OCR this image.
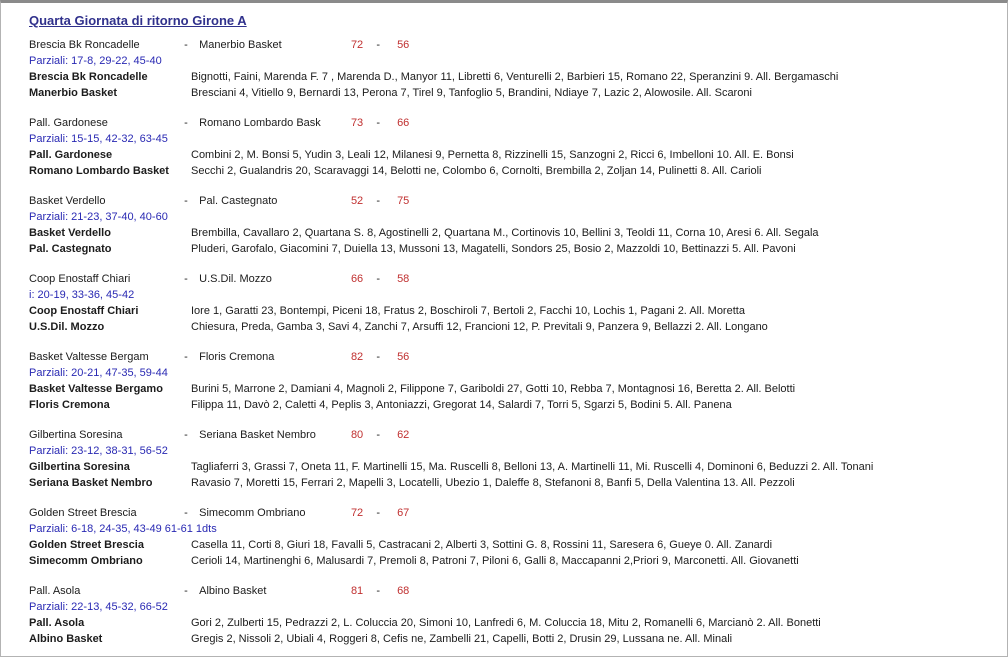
Quarta Giornata di ritorno Girone A
Brescia Bk Roncadelle	- Manerbio Basket	72 - 56
Parziali: 17-8, 29-22, 45-40
Brescia Bk Roncadelle	Bignotti, Faini, Marenda F. 7 , Marenda D., Manyor 11, Libretti 6, Venturelli 2, Barbieri 15, Romano 22, Speranzini 9. All. Bergamaschi
Manerbio Basket	Bresciani 4, Vitiello 9, Bernardi 13, Perona 7, Tirel 9, Tanfoglio 5, Brandini, Ndiaye 7, Lazic 2, Alowosile. All. Scaroni
Pall. Gardonese	- Romano Lombardo Bask	73 - 66
Parziali: 15-15, 42-32, 63-45
Pall. Gardonese	Combini 2, M. Bonsi 5, Yudin 3, Leali 12, Milanesi 9, Pernetta 8, Rizzinelli 15, Sanzogni 2, Ricci 6, Imbelloni 10. All. E. Bonsi
Romano Lombardo Basket	Secchi 2, Gualandris 20, Scaravaggi 14, Belotti ne, Colombo 6, Cornolti, Brembilla 2, Zoljan 14, Pulinetti 8. All. Carioli
Basket Verdello	- Pal. Castegnato	52 - 75
Parziali: 21-23, 37-40, 40-60
Basket Verdello	Brembilla, Cavallaro 2, Quartana S. 8, Agostinelli 2, Quartana M., Cortinovis 10, Bellini 3, Teoldi 11, Corna 10, Aresi 6. All. Segala
Pal. Castegnato	Pluderi, Garofalo, Giacomini 7, Duiella 13, Mussoni 13, Magatelli, Sondors 25, Bosio 2, Mazzoldi 10, Bettinazzi 5. All. Pavoni
Coop Enostaff Chiari	- U.S.Dil. Mozzo	66 - 58
i: 20-19, 33-36, 45-42
Coop Enostaff Chiari	Iore 1, Garatti 23, Bontempi, Piceni 18, Fratus 2, Boschiroli 7, Bertoli 2, Facchi 10, Lochis 1, Pagani 2. All. Moretta
U.S.Dil. Mozzo	Chiesura, Preda, Gamba 3, Savi 4, Zanchi 7, Arsuffi 12, Francioni 12, P. Previtali 9, Panzera 9, Bellazzi 2. All. Longano
Basket Valtesse Bergam	- Floris Cremona	82 - 56
Parziali: 20-21, 47-35, 59-44
Basket Valtesse Bergamo	Burini 5, Marrone 2, Damiani 4, Magnoli 2, Filippone 7, Gariboldi 27, Gotti 10, Rebba 7, Montagnosi 16, Beretta 2. All. Belotti
Floris Cremona	Filippa 11, Davò 2, Caletti 4, Peplis 3, Antoniazzi, Gregorat 14, Salardi 7, Torri 5, Sgarzi 5, Bodini 5. All. Panena
Gilbertina Soresina	- Seriana Basket Nembro	80 - 62
Parziali: 23-12, 38-31, 56-52
Gilbertina Soresina	Tagliaferri 3, Grassi 7, Oneta 11, F. Martinelli 15, Ma. Ruscelli 8, Belloni 13, A. Martinelli 11, Mi. Ruscelli 4, Dominoni 6, Beduzzi 2. All. Tonani
Seriana Basket Nembro	Ravasio 7, Moretti 15, Ferrari 2, Mapelli 3, Locatelli, Ubezio 1, Daleffe 8, Stefanoni 8, Banfi 5, Della Valentina 13. All. Pezzoli
Golden Street Brescia	- Simecomm Ombriano	72 - 67
Parziali: 6-18, 24-35, 43-49 61-61 1dts
Golden Street Brescia	Casella 11, Corti 8, Giuri 18, Favalli 5, Castracani 2, Alberti 3, Sottini G. 8, Rossini 11, Saresera 6, Gueye 0. All. Zanardi
Simecomm Ombriano	Cerioli 14, Martinenghi 6, Malusardi 7, Premoli 8, Patroni 7, Piloni 6, Galli 8, Maccapanni 2,Priori 9, Marconetti. All. Giovanetti
Pall. Asola	- Albino Basket	81 - 68
Parziali: 22-13, 45-32, 66-52
Pall. Asola	Gori 2, Zulberti 15, Pedrazzi 2, L. Coluccia 20, Simoni 10, Lanfredi 6, M. Coluccia 18, Mitu 2, Romanelli 6, Marcianò 2. All. Bonetti
Albino Basket	Gregis 2, Nissoli 2, Ubiali 4, Roggeri 8, Cefis ne, Zambelli 21, Capelli, Botti 2, Drusin 29, Lussana ne. All. Minali
